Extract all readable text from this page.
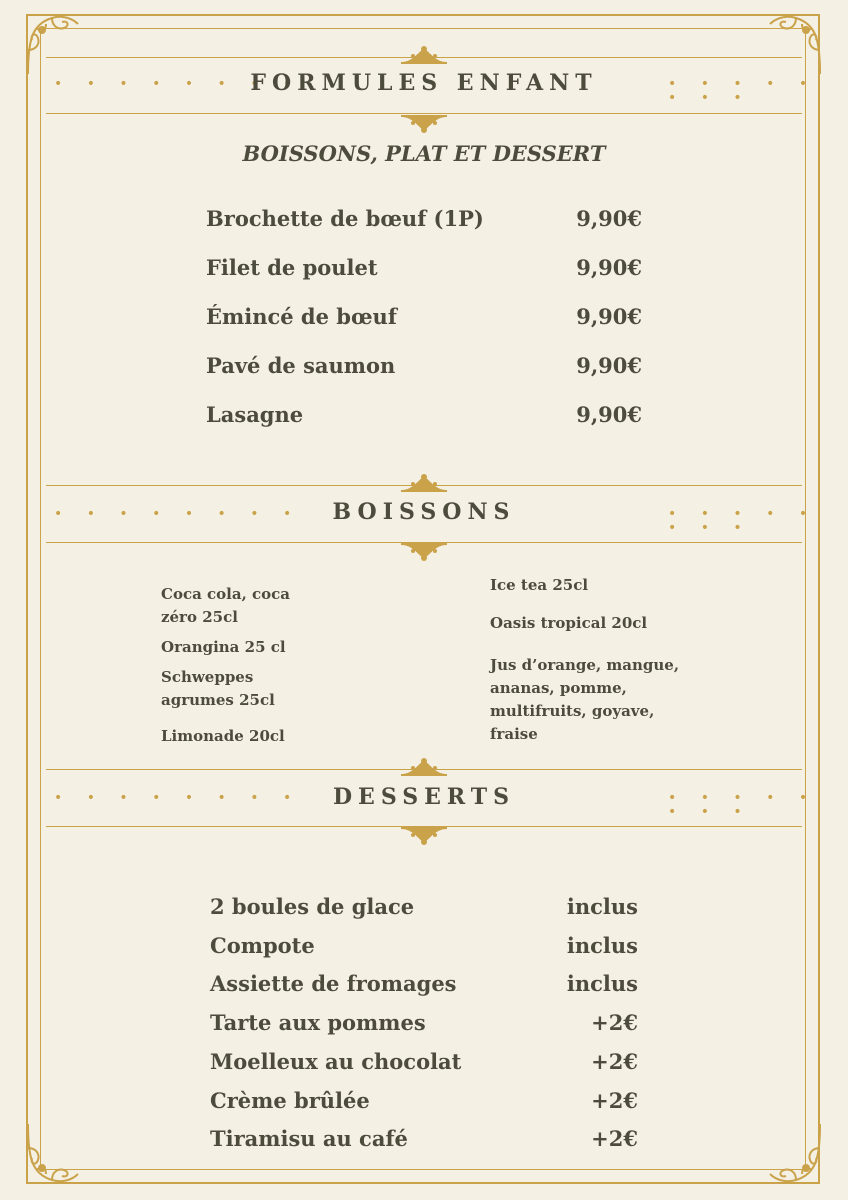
• • • • • • • •
FORMULES ENFANT	• • • • • • • •
BOISSONS, PLAT ET DESSERT
Brochette de bœuf (1P)	9,90€
Filet de poulet	9,90€
Émincé de bœuf	9,90€
Pavé de saumon	9,90€
Lasagne	9,90€
• • • • • • • •	BOISSONS	• • • • • • • •
Coca cola, coca zéro 25cl
Orangina 25 cl
Schweppes agrumes 25cl
Limonade 20cl
Ice tea 25cl
Oasis tropical 20cl
Jus d’orange, mangue, ananas, pomme, multifruits, goyave, fraise
• • • • • • • •	DESSERTS	• • • • • • • •
2 boules de glace	inclus
Compote	inclus
Assiette de fromages	inclus
Tarte aux pommes	+2€
Moelleux au chocolat	+2€
Crème brûlée	+2€
Tiramisu au café	+2€
